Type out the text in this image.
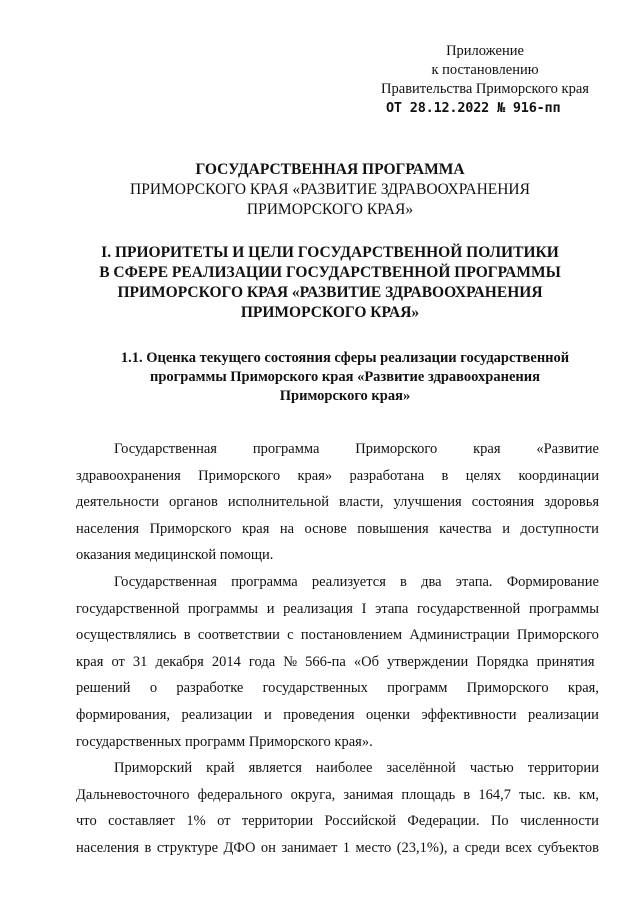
Приложение
к постановлению
Правительства Приморского края
ОТ 28.12.2022 № 916-пп
ГОСУДАРСТВЕННАЯ ПРОГРАММА
ПРИМОРСКОГО КРАЯ «РАЗВИТИЕ ЗДРАВООХРАНЕНИЯ
ПРИМОРСКОГО КРАЯ»
I. ПРИОРИТЕТЫ И ЦЕЛИ ГОСУДАРСТВЕННОЙ ПОЛИТИКИ
В СФЕРЕ РЕАЛИЗАЦИИ ГОСУДАРСТВЕННОЙ ПРОГРАММЫ
ПРИМОРСКОГО КРАЯ «РАЗВИТИЕ ЗДРАВООХРАНЕНИЯ
ПРИМОРСКОГО КРАЯ»
1.1. Оценка текущего состояния сферы реализации государственной
программы Приморского края «Развитие здравоохранения
Приморского края»
Государственная программа Приморского края «Развитие
здравоохранения Приморского края» разработана в целях координации
деятельности органов исполнительной власти, улучшения состояния здоровья
населения Приморского края на основе повышения качества и доступности
оказания медицинской помощи.
Государственная программа реализуется в два этапа. Формирование
государственной программы и реализация I этапа государственной программы
осуществлялись в соответствии с постановлением Администрации Приморского
края от 31 декабря 2014 года № 566-па «Об утверждении Порядка принятия
решений о разработке государственных программ Приморского края,
формирования, реализации и проведения оценки эффективности реализации
государственных программ Приморского края».
Приморский край является наиболее заселённой частью территории
Дальневосточного федерального округа, занимая площадь в 164,7 тыс. кв. км,
что составляет 1% от территории Российской Федерации. По численности
населения в структуре ДФО он занимает 1 место (23,1%), а среди всех субъектов
